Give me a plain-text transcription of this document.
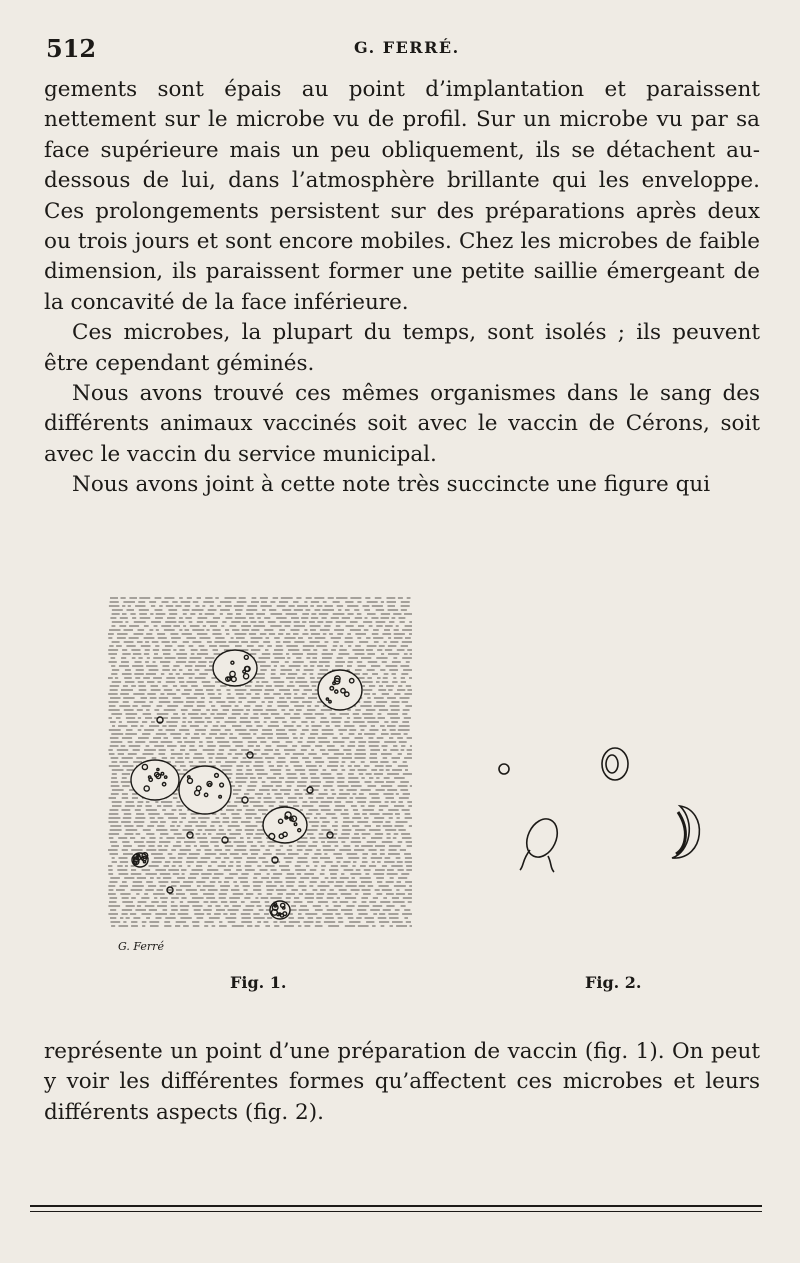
512	G. FERRÉ.

gements sont épais au point d’implantation et paraissent nettement sur le microbe vu de profil. Sur un microbe vu par sa face supérieure mais un peu obliquement, ils se détachent au-dessous de lui, dans l’atmosphère brillante qui les enveloppe. Ces prolongements persistent sur des préparations après deux ou trois jours et sont encore mobiles. Chez les microbes de faible dimension, ils paraissent former une petite saillie émergeant de la concavité de la face inférieure.

Ces microbes, la plupart du temps, sont isolés ; ils peuvent être cependant géminés.

Nous avons trouvé ces mêmes organismes dans le sang des différents animaux vaccinés soit avec le vaccin de Cérons, soit avec le vaccin du service municipal.

Nous avons joint à cette note très succincte une figure qui

G. Ferré
Fig. 1.	Fig. 2.

représente un point d’une préparation de vaccin (fig. 1). On peut y voir les différentes formes qu’affectent ces microbes et leurs différents aspects (fig. 2).
